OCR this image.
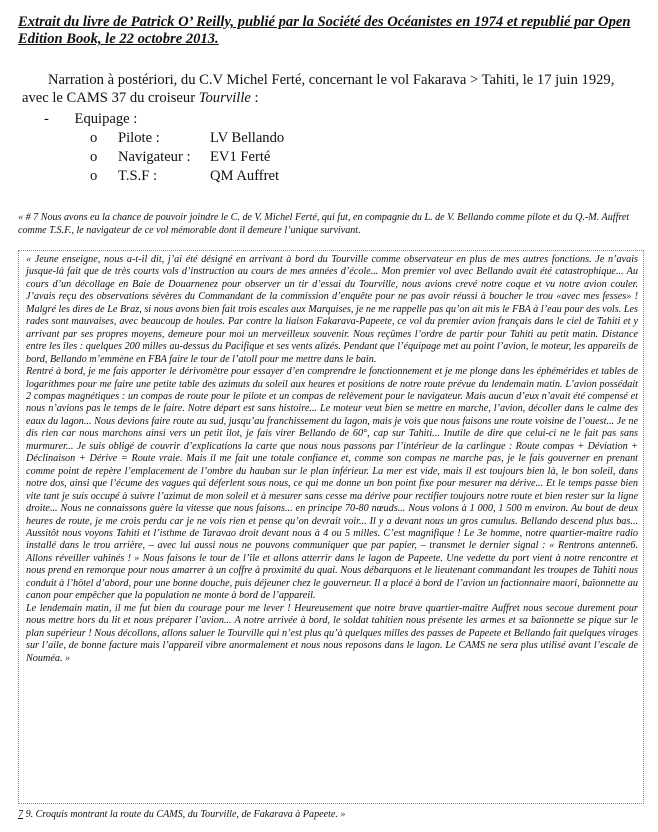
Extrait du livre de Patrick O’ Reilly, publié par la Société des Océanistes en 1974 et republié par Open Edition Book, le 22 octobre 2013.
Narration à postériori, du C.V Michel Ferté, concernant le vol Fakarava > Tahiti, le 17 juin 1929, avec le CAMS 37 du croiseur Tourville :
- Equipage :
o Pilote :	LV Bellando
o Navigateur :	EV1 Ferté
o T.S.F :	QM Auffret
« # 7 Nous avons eu la chance de pouvoir joindre le C. de V. Michel Ferté, qui fut, en compagnie du L. de V. Bellando comme pilote et du Q.-M. Auffret comme T.S.F., le navigateur de ce vol mémorable dont il demeure l’unique survivant.

« Jeune enseigne, nous a-t-il dit, j’ai été désigné en arrivant à bord du Tourville comme observateur en plus de mes autres fonctions. Je n’avais jusque-là fait que de très courts vols d’instruction au cours de mes années d’école... Mon premier vol avec Bellando avait été catastrophique... Au cours d’un décollage en Baie de Douarnenez pour observer un tir d’essai du Tourville, nous avions crevé notre coque et vu notre avion couler. J’avais reçu des observations sévères du Commandant de la commission d’enquête pour ne pas avoir réussi à boucher le trou «avec mes fesses» ! Malgré les dires de Le Braz, si nous avons bien fait trois escales aux Marquises, je ne me rappelle pas qu’on ait mis le FBA à l’eau pour des vols. Les rades sont mauvaises, avec beaucoup de houles. Par contre la liaison Fakarava-Papeete, ce vol du premier avion français dans le ciel de Tahiti et y arrivant par ses propres moyens, demeure pour moi un merveilleux souvenir. Nous reçûmes l’ordre de partir pour Tahiti au petit matin. Distance entre les îles : quelques 200 milles au-dessus du Pacifique et ses vents alizés. Pendant que l’équipage met au point l’avion, le moteur, les appareils de bord, Bellando m’emmène en FBA faire le tour de l’atoll pour me mettre dans le bain.

Rentré à bord, je me fais apporter le dérivomètre pour essayer d’en comprendre le fonctionnement et je me plonge dans les éphémérides et tables de logarithmes pour me faire une petite table des azimuts du soleil aux heures et positions de notre route prévue du lendemain matin. L’avion possédait 2 compas magnétiques : un compas de route pour le pilote et un compas de relèvement pour le navigateur. Mais aucun d’eux n’avait été compensé et nous n’avions pas le temps de le faire. Notre départ est sans histoire... Le moteur veut bien se mettre en marche, l’avion, décoller dans le calme des eaux du lagon... Nous devions faire route au sud, jusqu’au franchissement du lagon, mais je vois que nous faisons une route voisine de l’ouest... Je ne dis rien car nous marchons ainsi vers un petit îlot, je fais virer Bellando de 60°, cap sur Tahiti... Inutile de dire que celui-ci ne le fait pas sans murmurer... Je suis obligé de couvrir d’explications la carte que nous nous passons par l’intérieur de la carlingue : Route compas + Déviation + Déclinaison + Dérive = Route vraie. Mais il me fait une totale confiance et, comme son compas ne marche pas, je le fais gouverner en prenant comme point de repère l’emplacement de l’ombre du hauban sur le plan inférieur. La mer est vide, mais il est toujours bien là, le bon soleil, dans notre dos, ainsi que l’écume des vagues qui déferlent sous nous, ce qui me donne un bon point fixe pour mesurer ma dérive... Et le temps passe bien vite tant je suis occupé à suivre l’azimut de mon soleil et à mesurer sans cesse ma dérive pour rectifier toujours notre route et bien rester sur la ligne droite... Nous ne connaissons guère la vitesse que nous faisons... en principe 70-80 nœuds... Nous volons à 1 000, 1 500 m environ. Au bout de deux heures de route, je me crois perdu car je ne vois rien et pense qu’on devrait voir... Il y a devant nous un gros cumulus. Bellando descend plus bas... Aussitôt nous voyons Tahiti et l’isthme de Taravao droit devant nous à 4 ou 5 milles. C’est magnifique ! Le 3e homme, notre quartier-maître radio installé dans le trou arrière, – avec lui aussi nous ne pouvons communiquer que par papier, – transmet le dernier signal : « Rentrons antenne6. Allons réveiller vahinés ! » Nous faisons le tour de l’île et allons atterrir dans le lagon de Papeete. Une vedette du port vient à notre rencontre et nous prend en remorque pour nous amarrer à un coffre à proximité du quai. Nous débarquons et le lieutenant commandant les troupes de Tahiti nous conduit à l’hôtel d’abord, pour une bonne douche, puis déjeuner chez le gouverneur. Il a placé à bord de l’avion un factionnaire maori, baïonnette au canon pour empêcher que la population ne monte à bord de l’appareil.

Le lendemain matin, il me fut bien du courage pour me lever ! Heureusement que notre brave quartier-maître Auffret nous secoue durement pour nous mettre hors du lit et nous préparer l’avion... A notre arrivée à bord, le soldat tahitien nous présente les armes et sa baïonnette se pique sur le plan supérieur ! Nous décollons, allons saluer le Tourville qui n’est plus qu’à quelques milles des passes de Papeete et Bellando fait quelques virages sur l’aile, de bonne facture mais l’appareil vibre anormalement et nous nous reposons dans le lagon. Le CAMS ne sera plus utilisé avant l’escale de Nouméa. »

7 9. Croquis montrant la route du CAMS, du Tourville, de Fakarava à Papeete. »
